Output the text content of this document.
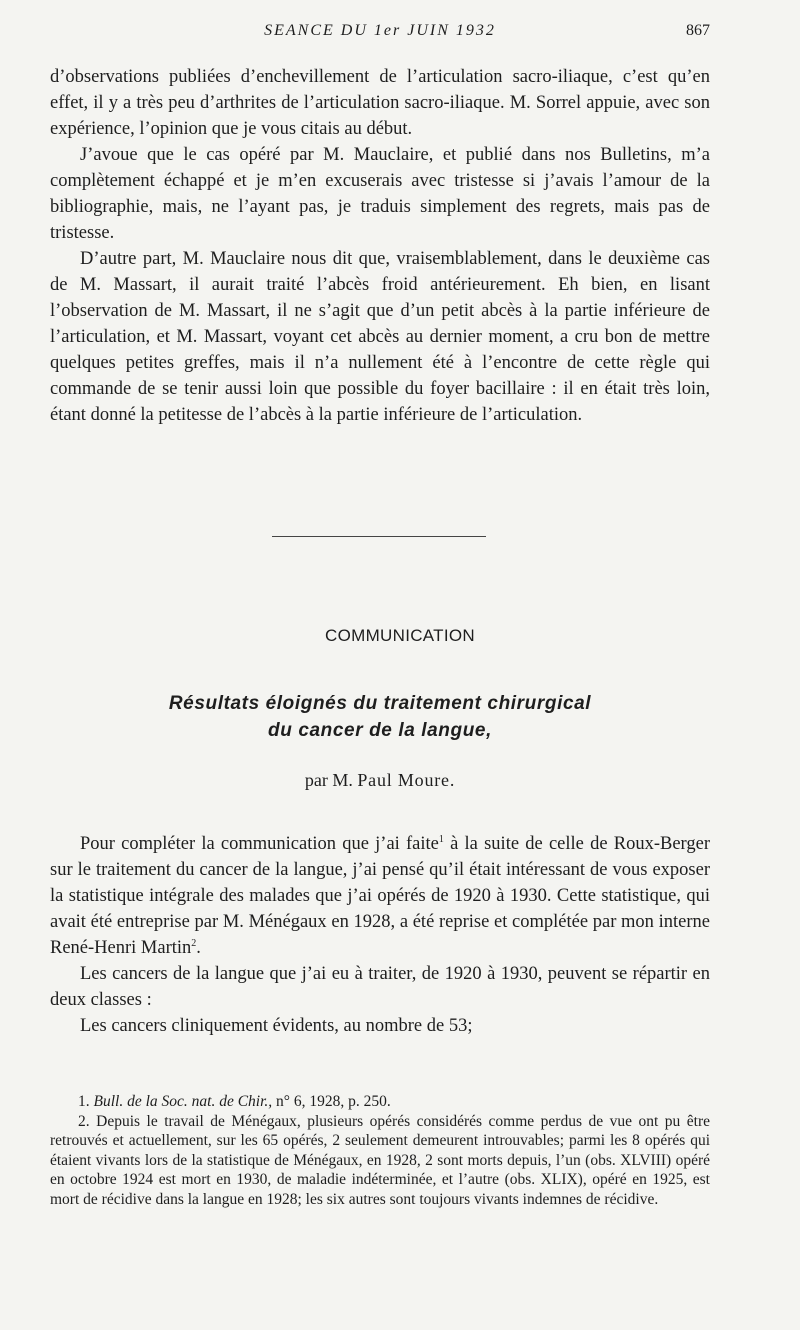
SEANCE DU 1er JUIN 1932	867

d’observations publiées d’enchevillement de l’articulation sacro-iliaque, c’est qu’en effet, il y a très peu d’arthrites de l’articulation sacro-iliaque. M. Sorrel appuie, avec son expérience, l’opinion que je vous citais au début.

J’avoue que le cas opéré par M. Mauclaire, et publié dans nos Bulletins, m’a complètement échappé et je m’en excuserais avec tristesse si j’avais l’amour de la bibliographie, mais, ne l’ayant pas, je traduis simplement des regrets, mais pas de tristesse.

D’autre part, M. Mauclaire nous dit que, vraisemblablement, dans le deuxième cas de M. Massart, il aurait traité l’abcès froid antérieurement. Eh bien, en lisant l’observation de M. Massart, il ne s’agit que d’un petit abcès à la partie inférieure de l’articulation, et M. Massart, voyant cet abcès au dernier moment, a cru bon de mettre quelques petites greffes, mais il n’a nullement été à l’encontre de cette règle qui commande de se tenir aussi loin que possible du foyer bacillaire : il en était très loin, étant donné la petitesse de l’abcès à la partie inférieure de l’articulation.

COMMUNICATION
Résultats éloignés du traitement chirurgical
du cancer de la langue,
par M. Paul Moure.

Pour compléter la communication que j’ai faite$^1$ à la suite de celle de Roux-Berger sur le traitement du cancer de la langue, j’ai pensé qu’il était intéressant de vous exposer la statistique intégrale des malades que j’ai opérés de 1920 à 1930. Cette statistique, qui avait été entreprise par M. Ménégaux en 1928, a été reprise et complétée par mon interne René-Henri Martin$^2$.

Les cancers de la langue que j’ai eu à traiter, de 1920 à 1930, peuvent se répartir en deux classes :

Les cancers cliniquement évidents, au nombre de 53;

1. Bull. de la Soc. nat. de Chir., n° 6, 1928, p. 250.

2. Depuis le travail de Ménégaux, plusieurs opérés considérés comme perdus de vue ont pu être retrouvés et actuellement, sur les 65 opérés, 2 seulement demeurent introuvables; parmi les 8 opérés qui étaient vivants lors de la statistique de Ménégaux, en 1928, 2 sont morts depuis, l’un (obs. XLVIII) opéré en octobre 1924 est mort en 1930, de maladie indéterminée, et l’autre (obs. XLIX), opéré en 1925, est mort de récidive dans la langue en 1928; les six autres sont toujours vivants indemnes de récidive.
